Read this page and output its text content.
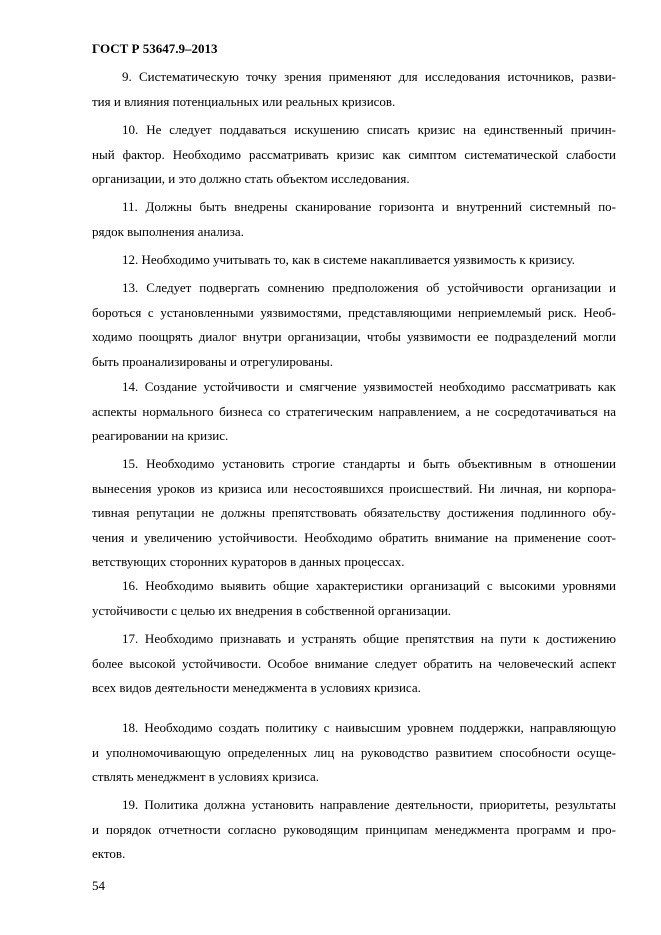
ГОСТ Р 53647.9–2013
9. Систематическую точку зрения применяют для исследования источников, разви-
тия и влияния потенциальных или реальных кризисов.
10. Не следует поддаваться искушению списать кризис на единственный причин-
ный фактор. Необходимо рассматривать кризис как симптом систематической слабости
организации, и это должно стать объектом исследования.
11. Должны быть внедрены сканирование горизонта и внутренний системный по-
рядок выполнения анализа.
12. Необходимо учитывать то, как в системе накапливается уязвимость к кризису.
13. Следует подвергать сомнению предположения об устойчивости организации и
бороться с установленными уязвимостями, представляющими неприемлемый риск. Необ-
ходимо поощрять диалог внутри организации, чтобы уязвимости ее подразделений могли
быть проанализированы и отрегулированы.
14. Создание устойчивости и смягчение уязвимостей необходимо рассматривать как
аспекты нормального бизнеса со стратегическим направлением, а не сосредотачиваться на
реагировании на кризис.
15. Необходимо установить строгие стандарты и быть объективным в отношении
вынесения уроков из кризиса или несостоявшихся происшествий. Ни личная, ни корпора-
тивная репутации не должны препятствовать обязательству достижения подлинного обу-
чения и увеличению устойчивости. Необходимо обратить внимание на применение соот-
ветствующих сторонних кураторов в данных процессах.
16. Необходимо выявить общие характеристики организаций с высокими уровнями
устойчивости с целью их внедрения в собственной организации.
17. Необходимо признавать и устранять общие препятствия на пути к достижению
более высокой устойчивости. Особое внимание следует обратить на человеческий аспект
всех видов деятельности менеджмента в условиях кризиса.
18. Необходимо создать политику с наивысшим уровнем поддержки, направляющую
и уполномочивающую определенных лиц на руководство развитием способности осуще-
ствлять менеджмент в условиях кризиса.
19. Политика должна установить направление деятельности, приоритеты, результаты
и порядок отчетности согласно руководящим принципам менеджмента программ и про-
ектов.
54
